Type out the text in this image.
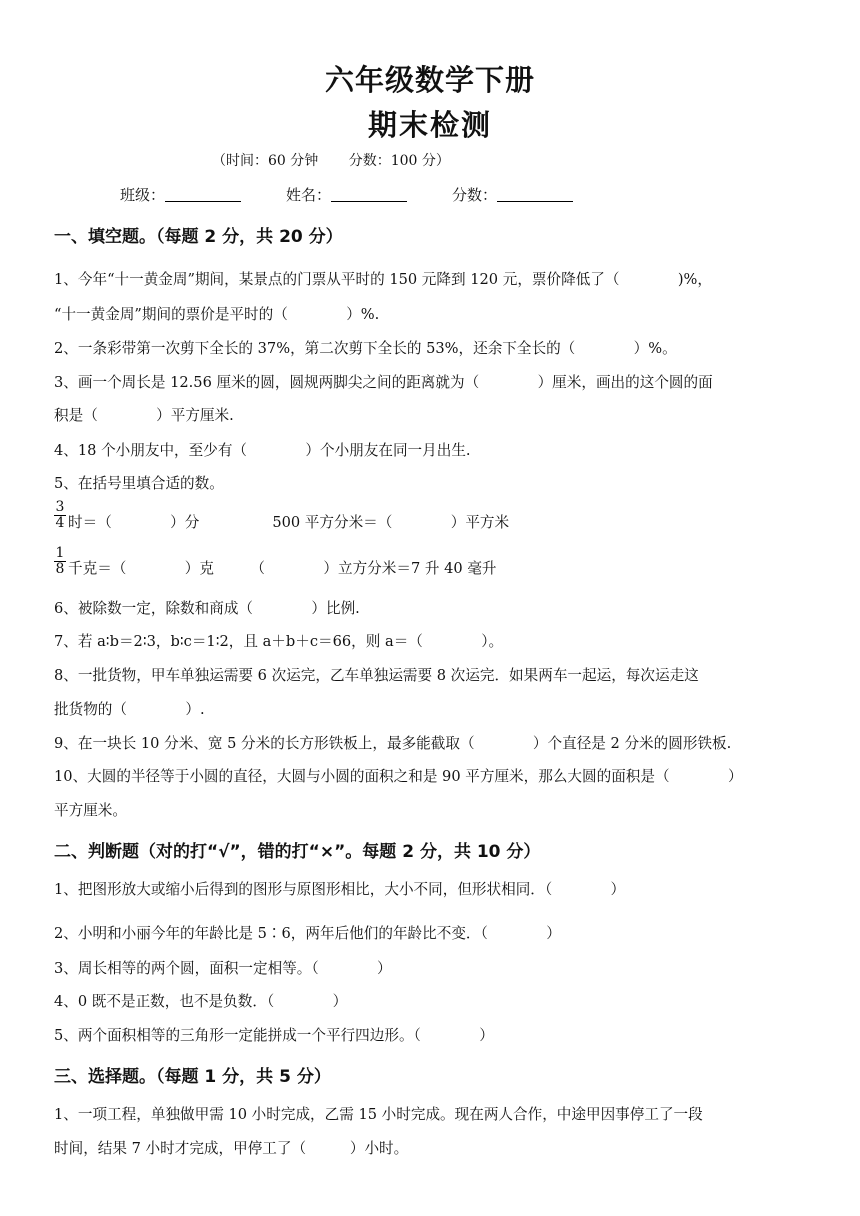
六年级数学下册
期末检测
（时间：60 分钟 分数：100 分）
班级：	姓名：	分数：
一、填空题。（每题 2 分，共 20 分）
1、今年“十一黄金周”期间，某景点的门票从平时的 150 元降到 120 元，票价降低了（　　　　)%，
“十一黄金周”期间的票价是平时的（　　　　）%.
2、一条彩带第一次剪下全长的 37%，第二次剪下全长的 53%，还余下全长的（　　　　）%。
3、画一个周长是 12.56 厘米的圆，圆规两脚尖之间的距离就为（　　　　）厘米，画出的这个圆的面
积是（　　　　）平方厘米.
4、18 个小朋友中，至少有（　　　　）个小朋友在同一月出生.
5、在括号里填合适的数。
$\frac{3}{4}$ 时＝（　　　　）分　　　　　500 平方分米＝（　　　　）平方米
$\frac{1}{8}$ 千克＝（　　　　）克　　　（　　　　）立方分米＝7 升 40 毫升
6、被除数一定，除数和商成（　　　　）比例.
7、若 a∶b＝2∶3，b∶c＝1∶2，且 a＋b＋c＝66，则 a＝（　　　　）。
8、一批货物，甲车单独运需要 6 次运完，乙车单独运需要 8 次运完．如果两车一起运，每次运走这
批货物的（　　　　）.
9、在一块长 10 分米、宽 5 分米的长方形铁板上，最多能截取（　　　　）个直径是 2 分米的圆形铁板.
10、大圆的半径等于小圆的直径，大圆与小圆的面积之和是 90 平方厘米，那么大圆的面积是（　　　　）
平方厘米。
二、判断题（对的打“√”，错的打“×”。每题 2 分，共 10 分）
1、把图形放大或缩小后得到的图形与原图形相比，大小不同，但形状相同．（　　　　）
2、小明和小丽今年的年龄比是 5∶6，两年后他们的年龄比不变．（　　　　）
3、周长相等的两个圆，面积一定相等。（　　　　）
4、0 既不是正数，也不是负数．（　　　　）
5、两个面积相等的三角形一定能拼成一个平行四边形。（　　　　）
三、选择题。（每题 1 分，共 5 分）
1、一项工程，单独做甲需 10 小时完成，乙需 15 小时完成。现在两人合作，中途甲因事停工了一段
时间，结果 7 小时才完成，甲停工了（　　　）小时。
